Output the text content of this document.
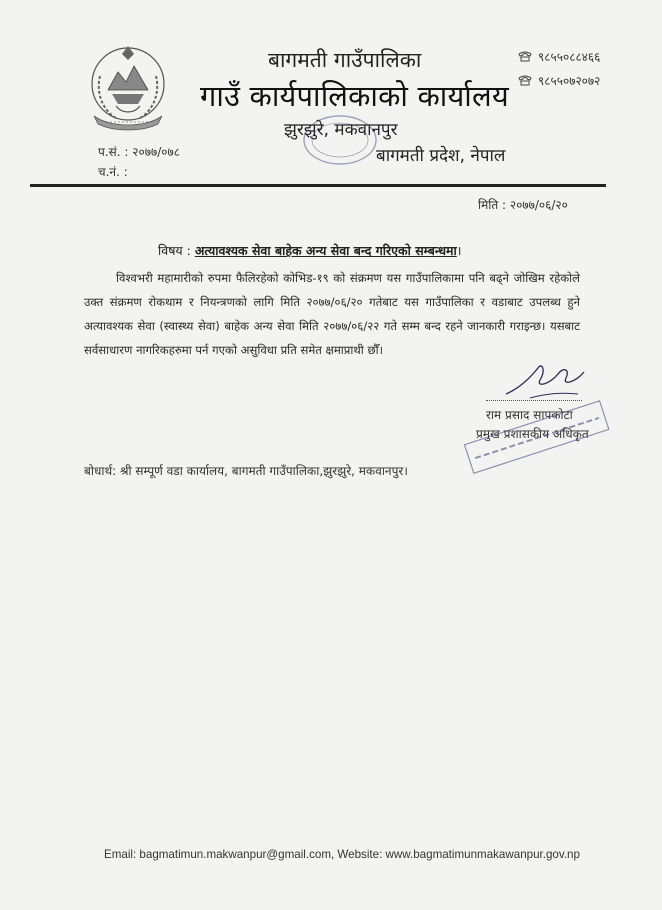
बागमती गाउँपालिका
गाउँ कार्यपालिकाको कार्यालय
झुरझुरे, मकवानपुर
बागमती प्रदेश, नेपाल
९८५५०८८४६६
९८५५०७२०७२
प.सं. : २०७७/०७८
च.नं. :
मिति : २०७७/०६/२०
विषय : अत्यावश्यक सेवा बाहेक अन्य सेवा बन्द गरिएको सम्बन्धमा।
विश्वभरी महामारीको रुपमा फैलिरहेको कोभिड-१९ को संक्रमण यस गाउँपालिकामा पनि बढ्ने जोखिम रहेकोले उक्त संक्रमण रोकथाम र नियन्त्रणको लागि मिति २०७७/०६/२० गतेबाट यस गाउँपालिका र वडाबाट उपलब्ध हुने अत्यावश्यक सेवा (स्वास्थ्य सेवा) बाहेक अन्य सेवा मिति २०७७/०६/२२ गते सम्म बन्द रहने जानकारी गराइन्छ। यसबाट सर्वसाधारण नागरिकहरुमा पर्न गएको असुविधा प्रति समेत क्षमाप्राथी छौँ।
राम प्रसाद सापकोटा
प्रमुख प्रशासकीय अधिकृत
बोधार्थ: श्री सम्पूर्ण वडा कार्यालय, बागमती गाउँपालिका,झुरझुरे, मकवानपुर।
Email: bagmatimun.makwanpur@gmail.com, Website: www.bagmatimunmakawanpur.gov.np
